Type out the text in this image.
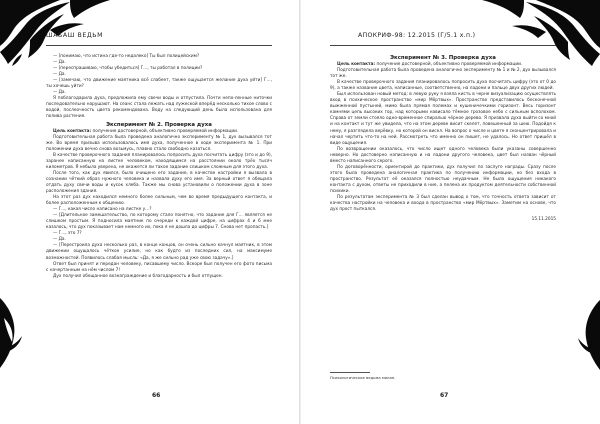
ШАБАШ ВЕДЬМ

— [понимаю, что истина где-то недалеко] Ты был полицейским?

— Да.

— [переспрашиваю, чтобы убедиться] Г..., ты работал в полиции?

— Да.

— [замечаю, что движение маятника всё слабеет, также ощущается желание духа уйти] Г..., ты хочешь уйти?

— Да.

Я поблагодарила духа, предложила ему свечи воды и отпустила. Почти непо-ленные ниточки последовательно нарушают. На сеанс стала лежать над лужеской вперёд несколько тихое слово с водой, послеочность цвета рекомендована. Воду на следующий день была использована для полива растения.

Эксперимент № 2. Проверка духа

Цель контакта: получение достоверной, объективно проверяемой информации.

Подготовительная работа была проведена аналогично эксперименту № 1, дух вызывался тот же. Во время призыва использовалось имя духа, полученное в ходе эксперимента № 1. При положении духа вечно снова возьмусь, плавно стало свободно казаться.

В качестве проверочного задания планировалось попросить духа посчитать цифру (это и до 9), заранее написанную на листке человеком, находящимся на расстоянии около трёх тысяч километров. Я небыла уверена, не окажется ли такое задание слишком сложным для этого духа.

После того, как дух явился, было очищено его задание, в качестве настройки я вызвала в сознании чёткий образ нужного человека и назвала духу его имя. За верный ответ я обещала отдать духу свечи воды и кусок хлеба. Также мы снова установили о положении духа в зоне расположения здания.

На этот раз дух находился немного более сильным, чем во время предыдущего контакта, и более расположенным к общению.

— Г..., какая число написано на листке у...?

— [Длительное замешательство, по которому стало понятно, что задание для Г... является не слишком простым. Я подносила маятник по очереди к каждой цифре, на цифрах 4 и 6 мне казалось, что дух показывает нам немного их, пока я не дошла до цифры 7. Снова нет пропасть.]

— Г..., это 7?

— Да.

— [Перестроила духа несколько раз, в конце концов, он очень сильно качнул маятник, в этом движении ощущалось чёткое усилие, но как будто из последних сил, на максимуме возможностей. Появилось слабая мысль: «Да, я же сильно рад уже свою задачу».]

Ответ был принят и передан человеку, писавшему число. Вскоре был получен его фото письма с начертанным на нём числом 7!

Дух получил обещанное вознаграждение и благодарность и был отпущен.

66
АПОКРИФ-98: 12.2015 (Г/5.1 х.п.)

Эксперимент № 3. Проверка духа

Цель контакта: получение достоверной, объективно проверяемой информации.

Подготовительная работа была проведена аналогично эксперименту № 1 и № 2, дух вызывался тот же.

В качестве проверочного задания планировалось попросить духа посчитать цифру (это от 0 до 9), а также название цвета, написанные, соответственно, на ладони и пальце двух других людей.

Был использован новый метод: в левую руку я взяла кисть в черне визуализацию осуществлять вход в психическое пространство «мир Мёртвых». Пространство представилось бесконечной выжженной пустыней, мимо была прямая полемах и кушеничечкими горизонт. Весь горизонт камнями цепь высоких гор, над которыми нависало тёмное грозовое небо с сильным всполохом. Справа от земли стояло одно-временное спиралью чёрное дерево. Я призвала духа выйти со мной и на контакт и тут же увидела, что на этом дереве висит скелет, повешенный за шею. Подойдя к нему, я разглядела верёвку, но которой он висел. На вопрос о числе и цвете я сконцентрировала и начал чертить что-то на ней. Рассмотреть что именно он пишет, не удалось. Но ответ пришёл в виде ощущения.

По возвращении оказалось, что число ищет одного человека были указаны совершенно неверно. Но достоверно написанную и на ладони другого человека, цвет был назван чёрный вместо написанного серого.

По договорённости, ориентирой до практики, дух получил по заслуге награды. Сразу после этого была проведена аналогичная практика по получению информации, но без входа в пространство. Результат её оказался полностью неудачным. Не была ощущения никакого контакта с духом, ответы не приходили в ние, а пелена их продуктом деятельности собственной психики.

По результатам эксперимента № 3 был сделан вывод о том, что точность ответа зависит от качества настройки на человека и входа в пространство «мир Мёртвых». Заметим на основе, что дух прост пыткался.

15.11.2015

Психологическое ведьма малан.
67
